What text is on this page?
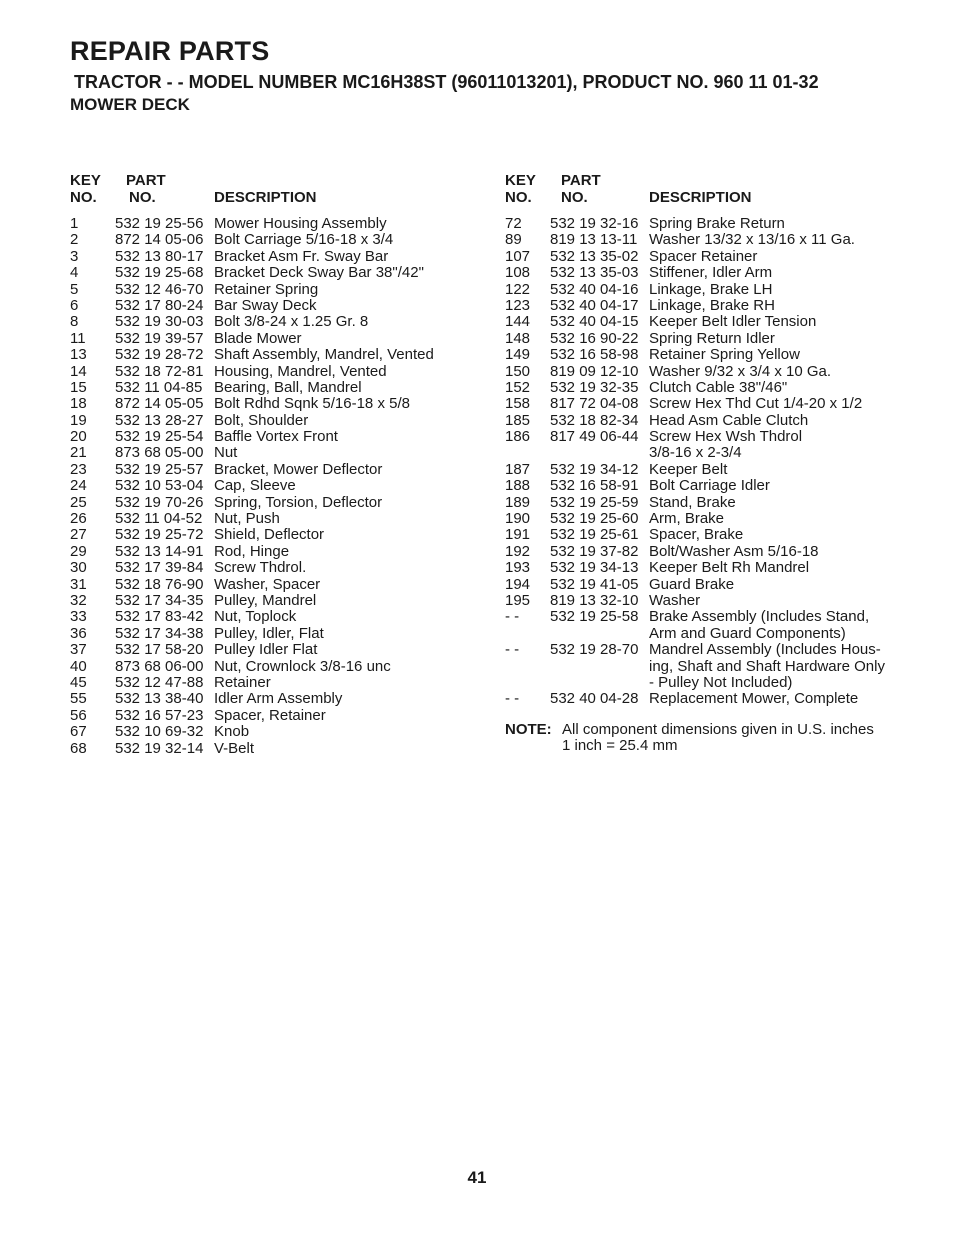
REPAIR PARTS
TRACTOR - - MODEL NUMBER MC16H38ST (96011013201), PRODUCT NO. 960 11 01-32
MOWER DECK
KEY
NO.
PART
NO.	DESCRIPTION
1 532 19 25-56 Mower Housing Assembly
2 872 14 05-06 Bolt Carriage 5/16-18 x 3/4
3 532 13 80-17 Bracket Asm Fr. Sway Bar
4 532 19 25-68 Bracket Deck Sway Bar 38"/42"
5 532 12 46-70 Retainer Spring
6 532 17 80-24 Bar Sway Deck
8 532 19 30-03 Bolt 3/8-24 x 1.25 Gr. 8
11 532 19 39-57 Blade Mower
13 532 19 28-72 Shaft Assembly, Mandrel, Vented
14 532 18 72-81 Housing, Mandrel, Vented
15 532 11 04-85 Bearing, Ball, Mandrel
18 872 14 05-05 Bolt Rdhd Sqnk 5/16-18 x 5/8
19 532 13 28-27 Bolt, Shoulder
20 532 19 25-54 Baffle Vortex Front
21 873 68 05-00 Nut
23 532 19 25-57 Bracket, Mower Deflector
24 532 10 53-04 Cap, Sleeve
25 532 19 70-26 Spring, Torsion, Deflector
26 532 11 04-52 Nut, Push
27 532 19 25-72 Shield, Deflector
29 532 13 14-91 Rod, Hinge
30 532 17 39-84 Screw Thdrol.
31 532 18 76-90 Washer, Spacer
32 532 17 34-35 Pulley, Mandrel
33 532 17 83-42 Nut, Toplock
36 532 17 34-38 Pulley, Idler, Flat
37 532 17 58-20 Pulley Idler Flat
40 873 68 06-00 Nut, Crownlock 3/8-16 unc
45 532 12 47-88 Retainer
55 532 13 38-40 Idler Arm Assembly
56 532 16 57-23 Spacer, Retainer
67 532 10 69-32 Knob
68 532 19 32-14 V-Belt
KEY
NO.
PART
NO.	DESCRIPTION
72 532 19 32-16 Spring Brake Return
89 819 13 13-11 Washer 13/32 x 13/16 x 11 Ga.
107 532 13 35-02 Spacer Retainer
108 532 13 35-03 Stiffener, Idler Arm
122 532 40 04-16 Linkage, Brake LH
123 532 40 04-17 Linkage, Brake RH
144 532 40 04-15 Keeper Belt Idler Tension
148 532 16 90-22 Spring Return Idler
149 532 16 58-98 Retainer Spring Yellow
150 819 09 12-10 Washer 9/32 x 3/4 x 10 Ga.
152 532 19 32-35 Clutch Cable 38"/46"
158 817 72 04-08 Screw Hex Thd Cut 1/4-20 x 1/2
185 532 18 82-34 Head Asm Cable Clutch
186 817 49 06-44 Screw Hex Wsh Thdrol
3/8-16 x 2-3/4
187 532 19 34-12 Keeper Belt
188 532 16 58-91 Bolt Carriage Idler
189 532 19 25-59 Stand, Brake
190 532 19 25-60 Arm, Brake
191 532 19 25-61 Spacer, Brake
192 532 19 37-82 Bolt/Washer Asm 5/16-18
193 532 19 34-13 Keeper Belt Rh Mandrel
194 532 19 41-05 Guard Brake
195 819 13 32-10 Washer
- - 532 19 25-58 Brake Assembly (Includes Stand,
Arm and Guard Components)
- - 532 19 28-70 Mandrel Assembly (Includes Hous-
ing, Shaft and Shaft Hardware Only
- Pulley Not Included)
- - 532 40 04-28 Replacement Mower, Complete
NOTE: All component dimensions given in U.S. inches
1 inch = 25.4 mm
41
